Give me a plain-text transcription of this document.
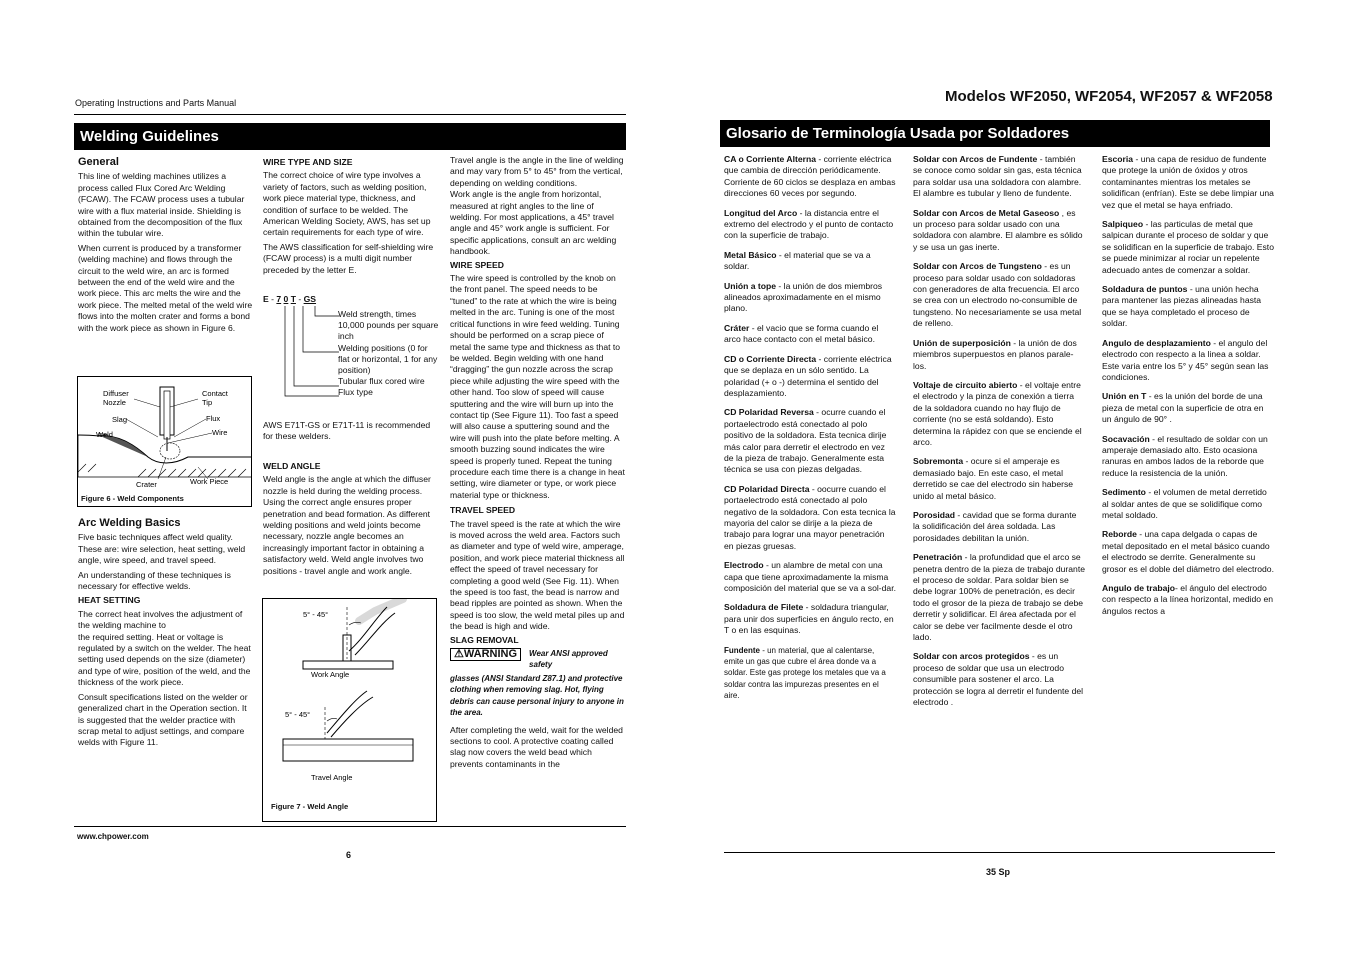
Operating Instructions and Parts Manual
Welding Guidelines
General

This line of welding machines utilizes a process called Flux Cored Arc Welding (FCAW). The FCAW process uses a tubular wire with a flux material inside. Shielding is obtained from the decomposition of the flux within the tubular wire.

When current is produced by a transformer (welding machine) and flows through the circuit to the weld wire, an arc is formed between the end of the weld wire and the work piece. This arc melts the wire and the work piece. The melted metal of the weld wire flows into the molten crater and forms a bond with the work piece as shown in Figure 6.

Diffuser
Nozzle
Contact
Tip
Slag	Flux
Weld	Wire
Crater	Work Piece
Figure 6 - Weld Components
Arc Welding Basics

Five basic techniques affect weld quality. These are: wire selection, heat setting, weld angle, wire speed, and travel speed.

An understanding of these techniques is necessary for effective welds.

HEAT SETTING

The correct heat involves the adjustment of the welding machine to

the required setting. Heat or voltage is regulated by a switch on the welder. The heat setting used depends on the size (diameter) and type of wire, position of the weld, and the thickness of the work piece.

Consult specifications listed on the welder or generalized chart in the Operation section. It is suggested that the welder practice with scrap metal to adjust settings, and compare welds with Figure 11.

WIRE TYPE AND SIZE

The correct choice of wire type involves a variety of factors, such as welding position, work piece material type, thickness, and condition of surface to be welded. The American Welding Society, AWS, has set up certain requirements for each type of wire.

The AWS classification for self-shielding wire (FCAW process) is a multi digit number preceded by the letter E.

E - 7 0 T - GS
Weld strength, times 10,000 pounds per square inch
Welding positions (0 for flat or horizontal, 1 for any position)
Tubular flux cored wire
Flux type

AWS E71T-GS or E71T-11 is recommended for these welders.

WELD ANGLE

Weld angle is the angle at which the diffuser nozzle is held during the welding process. Using the correct angle ensures proper penetration and bead formation. As different welding positions and weld joints become necessary, nozzle angle becomes an increasingly important factor in obtaining a satisfactory weld. Weld angle involves two positions - travel angle and work angle.

5° - 45°
Work Angle
5° - 45°
Travel Angle
Figure 7 - Weld Angle

Travel angle is the angle in the line of welding and may vary from 5° to 45° from the vertical, depending on welding conditions.

Work angle is the angle from horizontal, measured at right angles to the line of welding. For most applications, a 45° travel angle and 45° work angle is sufficient. For specific applications, consult an arc welding handbook.

WIRE SPEED

The wire speed is controlled by the knob on the front panel. The speed needs to be “tuned” to the rate at which the wire is being melted in the arc. Tuning is one of the most critical functions in wire feed welding. Tuning should be performed on a scrap piece of metal the same type and thickness as that to be welded. Begin welding with one hand “dragging” the gun nozzle across the scrap piece while adjusting the wire speed with the other hand. Too slow of speed will cause sputtering and the wire will burn up into the contact tip (See Figure 11). Too fast a speed will also cause a sputtering sound and the wire will push into the plate before melting. A smooth buzzing sound indicates the wire speed is properly tuned. Repeat the tuning procedure each time there is a change in heat setting, wire diameter or type, or work piece material type or thickness.

TRAVEL SPEED

The travel speed is the rate at which the wire is moved across the weld area. Factors such as diameter and type of weld wire, amperage, position, and work piece material thickness all effect the speed of travel necessary for completing a good weld (See Fig. 11). When the speed is too fast, the bead is narrow and bead ripples are pointed as shown. When the speed is too slow, the weld metal piles up and the bead is high and wide.

SLAG REMOVAL
⚠WARNING	Wear ANSI approved safety
glasses (ANSI Standard Z87.1) and protective clothing when removing slag. Hot, flying debris can cause personal injury to anyone in the area.

After completing the weld, wait for the welded sections to cool. A protective coating called slag now covers the weld bead which prevents contaminants in the

www.chpower.com
6
Modelos WF2050, WF2054, WF2057 & WF2058
Glosario de Terminología Usada por Soldadores

CA o Corriente Alterna - corriente eléctrica que cambia de dirección periódicamente. Corriente de 60 ciclos se desplaza en ambas direcciones 60 veces por segundo.

Longitud del Arco - la distancia entre el extremo del electrodo y el punto de contacto con la superficie de trabajo.

Metal Básico - el material que se va a soldar.

Unión a tope - la unión de dos miembros alineados aproximadamente en el mismo plano.

Cráter - el vacio que se forma cuando el arco hace contacto con el metal básico.

CD o Corriente Directa - corriente eléctrica que se deplaza en un sólo sentido. La polaridad (+ o -) determina el sentido del desplazamiento.

CD Polaridad Reversa - ocurre cuando el portaelectrodo está conectado al polo positivo de la soldadora. Esta tecnica dirije más calor para derretir el electrodo en vez de la pieza de trabajo. Generalmente esta técnica se usa con piezas delgadas.

CD Polaridad Directa - oocurre cuando el portaelectrodo está conectado al polo negativo de la soldadora. Con esta tecnica la mayoria del calor se dirije a la pieza de trabajo para lograr una mayor penetración en piezas gruesas.

Electrodo - un alambre de metal con una capa que tiene aproximadamente la misma composición del material que se va a sol-dar.

Soldadura de Filete - soldadura triangular, para unir dos superficies en ángulo recto, en T o en las esquinas.

Fundente - un material, que al calentarse, emite un gas que cubre el área donde va a soldar. Este gas protege los metales que va a soldar contra las impurezas presentes en el aire.

Soldar con Arcos de Fundente - también se conoce como soldar sin gas, esta técnica para soldar usa una soldadora con alambre. El alambre es tubular y lleno de fundente.

Soldar con Arcos de Metal Gaseoso , es un proceso para soldar usado con una soldadora con alambre. El alambre es sólido y se usa un gas inerte.

Soldar con Arcos de Tungsteno - es un proceso para soldar usado con soldadoras con generadores de alta frecuencia. El arco se crea con un electrodo no-consumible de tungsteno. No necesariamente se usa metal de relleno.

Unión de superposición - la unión de dos miembros superpuestos en planos parale-los.

Voltaje de circuito abierto - el voltaje entre el electrodo y la pinza de conexión a tierra de la soldadora cuando no hay flujo de corriente (no se está soldando). Esto determina la rápidez con que se enciende el arco.

Sobremonta - ocure si el amperaje es demasiado bajo. En este caso, el metal derretido se cae del electrodo sin haberse unido al metal básico.

Porosidad - cavidad que se forma durante la solidificación del área soldada. Las porosidades debilitan la unión.

Penetración - la profundidad que el arco se penetra dentro de la pieza de trabajo durante el proceso de soldar. Para soldar bien se debe lograr 100% de penetración, es decir todo el grosor de la pieza de trabajo se debe derretir y solidificar. El área afectada por el calor se debe ver facilmente desde el otro lado.

Soldar con arcos protegidos - es un proceso de soldar que usa un electrodo consumible para sostener el arco. La protección se logra al derretir el fundente del electrodo .

Escoria - una capa de residuo de fundente que protege la unión de óxidos y otros contaminantes mientras los metales se solidifican (enfrían). Este se debe limpiar una vez que el metal se haya enfriado.

Salpiqueo - las particulas de metal que salpican durante el proceso de soldar y que se solidifican en la superficie de trabajo. Esto se puede minimizar al rociar un repelente adecuado antes de comenzar a soldar.

Soldadura de puntos - una unión hecha para mantener las piezas alineadas hasta que se haya completado el proceso de soldar.

Angulo de desplazamiento - el angulo del electrodo con respecto a la linea a soldar. Este varia entre los 5° y 45° según sean las condiciones.

Unión en T - es la unión del borde de una pieza de metal con la superficie de otra en un ángulo de 90° .

Socavación - el resultado de soldar con un amperaje demasiado alto. Esto ocasiona ranuras en ambos lados de la reborde que reduce la resistencia de la unión.

Sedimento - el volumen de metal derretido al soldar antes de que se solidifique como metal soldado.

Reborde - una capa delgada o capas de metal depositado en el metal básico cuando el electrodo se derrite. Generalmente su grosor es el doble del diámetro del electrodo.

Angulo de trabajo- el ángulo del electrodo con respecto a la línea horizontal, medido en ángulos rectos a

35 Sp
